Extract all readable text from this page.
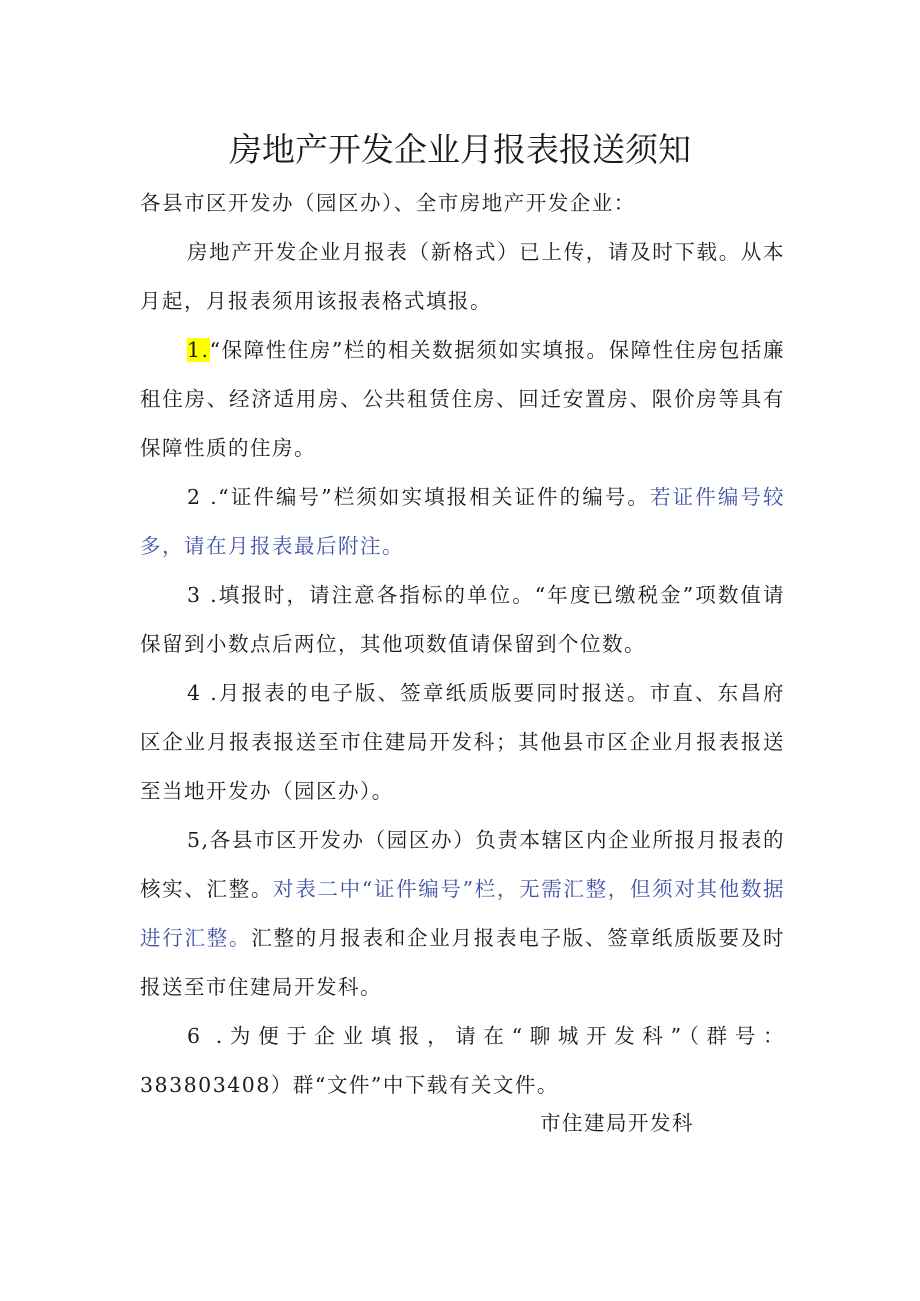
房地产开发企业月报表报送须知
各县市区开发办（园区办）、全市房地产开发企业：

房地产开发企业月报表（新格式）已上传，请及时下载。从本月起，月报表须用该报表格式填报。

1.“保障性住房”栏的相关数据须如实填报。保障性住房包括廉租住房、经济适用房、公共租赁住房、回迁安置房、限价房等具有保障性质的住房。

2 .“证件编号”栏须如实填报相关证件的编号。若证件编号较多，请在月报表最后附注。

3 .填报时，请注意各指标的单位。“年度已缴税金”项数值请保留到小数点后两位，其他项数值请保留到个位数。

4 .月报表的电子版、签章纸质版要同时报送。市直、东昌府区企业月报表报送至市住建局开发科；其他县市区企业月报表报送至当地开发办（园区办）。

5,各县市区开发办（园区办）负责本辖区内企业所报月报表的核实、汇整。对表二中“证件编号”栏，无需汇整，但须对其他数据进行汇整。汇整的月报表和企业月报表电子版、签章纸质版要及时报送至市住建局开发科。

6 .为便于企业填报，请在“聊城开发科”（群号：383803408）群“文件”中下载有关文件。

市住建局开发科
